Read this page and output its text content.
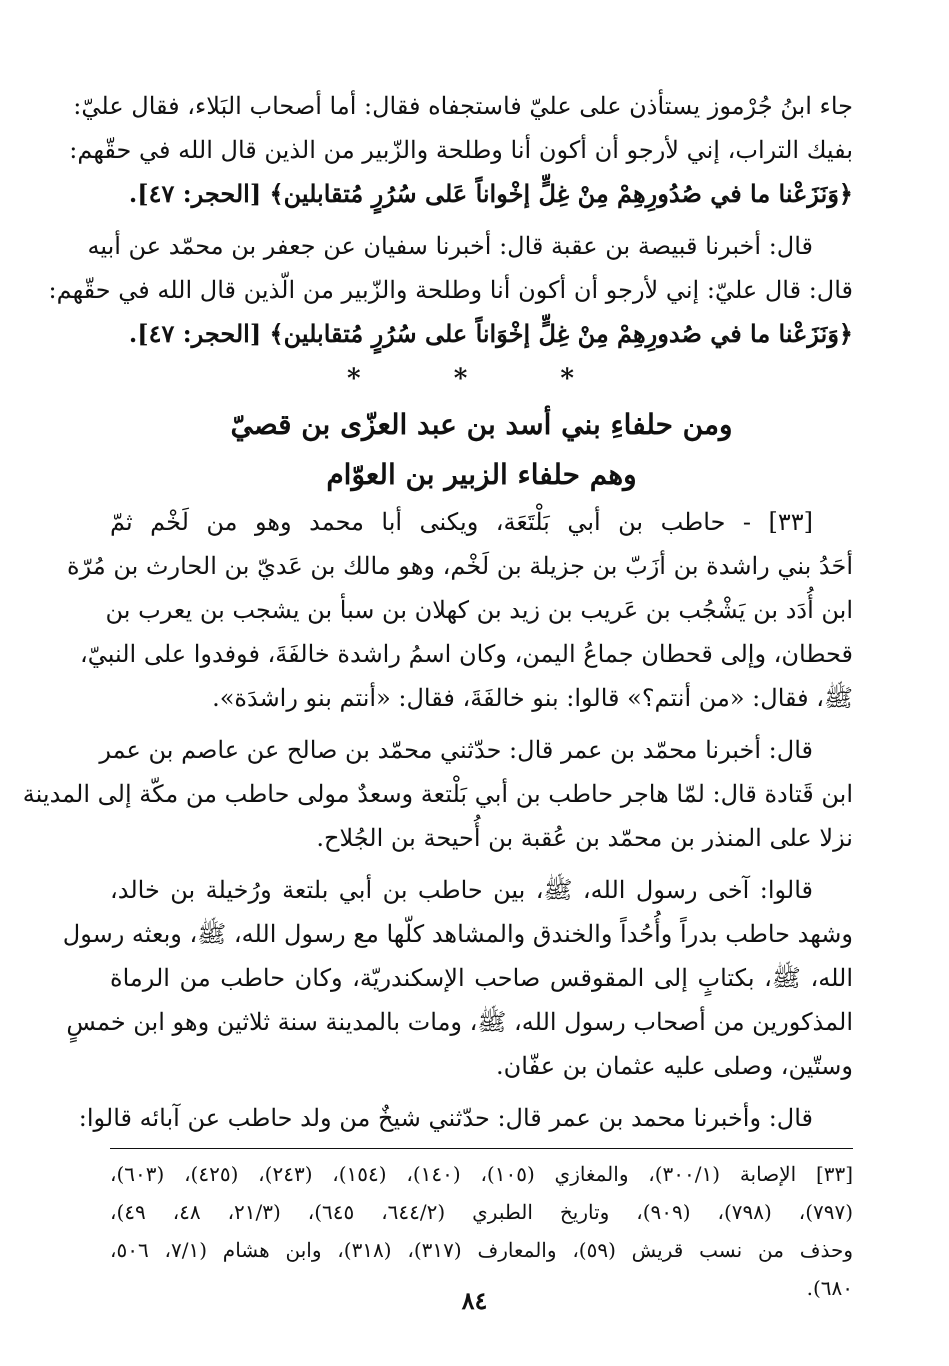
جاء ابنُ جُرْموز يستأذن على عليّ فاستجفاه فقال: أما أصحاب البَلاء، فقال عليّ:
بفيك التراب، إني لأرجو أن أكون أنا وطلحة والزّبير من الذين قال الله في حقّهم:
﴿وَنَزَعْنا ما في صُدُورِهِمْ مِنْ غِلٍّ إخْواناً عَلى سُرُرٍ مُتقابلين﴾ [الحجر: ٤٧].
قال: أخبرنا قبيصة بن عقبة قال: أخبرنا سفيان عن جعفر بن محمّد عن أبيه
قال: قال عليّ: إني لأرجو أن أكون أنا وطلحة والزّبير من الّذين قال الله في حقّهم:
﴿وَنَزَعْنا ما في صُدورِهِمْ مِنْ غِلٍّ إخْوَاناً على سُرُرٍ مُتقابلين﴾ [الحجر: ٤٧].
* * *
ومن حلفاءِ بني أسد بن عبد العزّى بن قصيّ
وهم حلفاء الزبير بن العوّام
[٣٣] - حاطب بن أبي بَلْتَعَة، ويكنى أبا محمد وهو من لَخْم ثمّ
أحَدُ بني راشدة بن أزَبّ بن جزيلة بن لَخْم، وهو مالك بن عَديّ بن الحارث بن مُرّة
ابن أُدَد بن يَشْجُب بن عَريب بن زيد بن كهلان بن سبأ بن يشجب بن يعرب بن
قحطان، وإلى قحطان جماعُ اليمن، وكان اسمُ راشدة خالفَةَ، فوفدوا على النبيّ،
ﷺ، فقال: «من أنتم؟» قالوا: بنو خالفَةَ، فقال: «أنتم بنو راشدَة».
قال: أخبرنا محمّد بن عمر قال: حدّثني محمّد بن صالح عن عاصم بن عمر
ابن قَتادة قال: لمّا هاجر حاطب بن أبي بَلْتعة وسعدٌ مولى حاطب من مكّة إلى المدينة
نزلا على المنذر بن محمّد بن عُقبة بن أُحيحة بن الجُلاح.
قالوا: آخى رسول الله، ﷺ، بين حاطب بن أبي بلتعة ورُخيلة بن خالد،
وشهد حاطب بدراً وأُحُداً والخندق والمشاهد كلّها مع رسول الله، ﷺ، وبعثه رسول
الله، ﷺ، بكتابٍ إلى المقوقس صاحب الإسكندريّة، وكان حاطب من الرماة
المذكورين من أصحاب رسول الله، ﷺ، ومات بالمدينة سنة ثلاثين وهو ابن خمسٍ
وستّين، وصلى عليه عثمان بن عفّان.
قال: وأخبرنا محمد بن عمر قال: حدّثني شيخٌ من ولد حاطب عن آبائه قالوا:
[٣٣] الإصابة (٣٠٠/١)، والمغازي (١٠٥)، (١٤٠)، (١٥٤)، (٢٤٣)، (٤٢٥)، (٦٠٣)،
(٧٩٧)، (٧٩٨)، (٩٠٩)، وتاريخ الطبري (٦٤٤/٢، ٦٤٥)، (٢١/٣، ٤٨، ٤٩)،
وحذف من نسب قريش (٥٩)، والمعارف (٣١٧)، (٣١٨)، وابن هشام (٧/١، ٥٠٦،
٦٨٠).
٨٤
